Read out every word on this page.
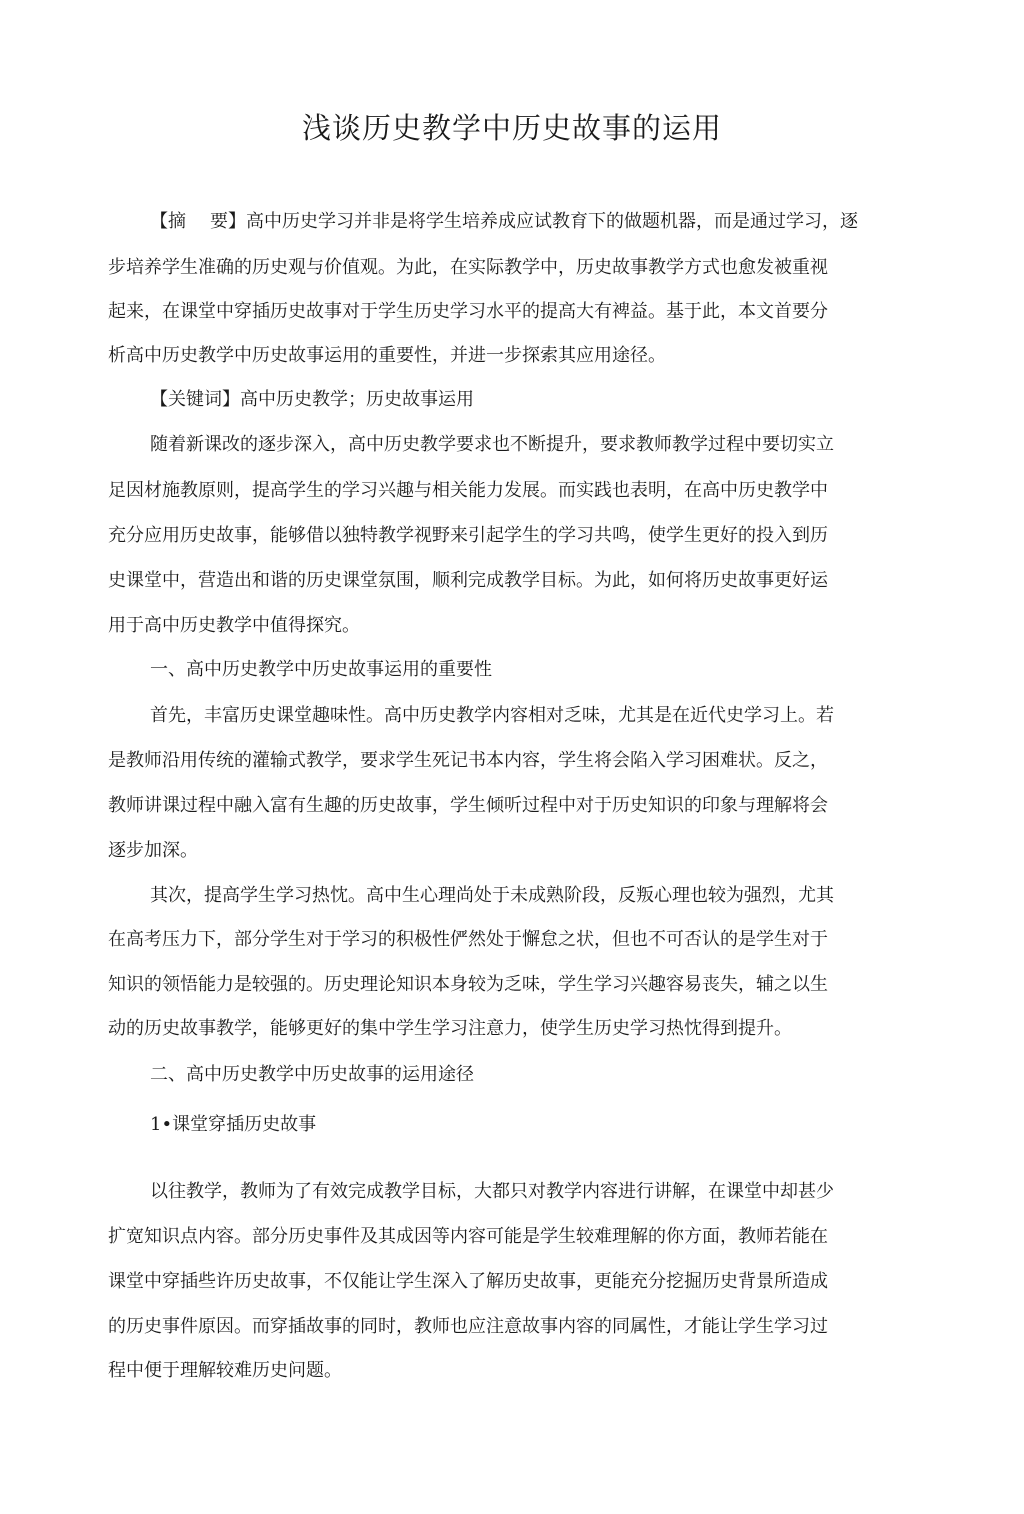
浅谈历史教学中历史故事的运用
【摘 要】高中历史学习并非是将学生培养成应试教育下的做题机器，而是通过学习，逐
步培养学生准确的历史观与价值观。为此，在实际教学中，历史故事教学方式也愈发被重视
起来，在课堂中穿插历史故事对于学生历史学习水平的提高大有裨益。基于此，本文首要分
析高中历史教学中历史故事运用的重要性，并进一步探索其应用途径。
【关键词】高中历史教学；历史故事运用
随着新课改的逐步深入，高中历史教学要求也不断提升，要求教师教学过程中要切实立
足因材施教原则，提高学生的学习兴趣与相关能力发展。而实践也表明，在高中历史教学中
充分应用历史故事，能够借以独特教学视野来引起学生的学习共鸣，使学生更好的投入到历
史课堂中，营造出和谐的历史课堂氛围，顺利完成教学目标。为此，如何将历史故事更好运
用于高中历史教学中值得探究。
一、高中历史教学中历史故事运用的重要性
首先，丰富历史课堂趣味性。高中历史教学内容相对乏味，尤其是在近代史学习上。若
是教师沿用传统的灌输式教学，要求学生死记书本内容，学生将会陷入学习困难状。反之，
教师讲课过程中融入富有生趣的历史故事，学生倾听过程中对于历史知识的印象与理解将会
逐步加深。
其次，提高学生学习热忱。高中生心理尚处于未成熟阶段，反叛心理也较为强烈，尤其
在高考压力下，部分学生对于学习的积极性俨然处于懈怠之状，但也不可否认的是学生对于
知识的领悟能力是较强的。历史理论知识本身较为乏味，学生学习兴趣容易丧失，辅之以生
动的历史故事教学，能够更好的集中学生学习注意力，使学生历史学习热忱得到提升。
二、高中历史教学中历史故事的运用途径
1•课堂穿插历史故事
以往教学，教师为了有效完成教学目标，大都只对教学内容进行讲解，在课堂中却甚少
扩宽知识点内容。部分历史事件及其成因等内容可能是学生较难理解的你方面，教师若能在
课堂中穿插些许历史故事，不仅能让学生深入了解历史故事，更能充分挖掘历史背景所造成
的历史事件原因。而穿插故事的同时，教师也应注意故事内容的同属性，才能让学生学习过
程中便于理解较难历史问题。
